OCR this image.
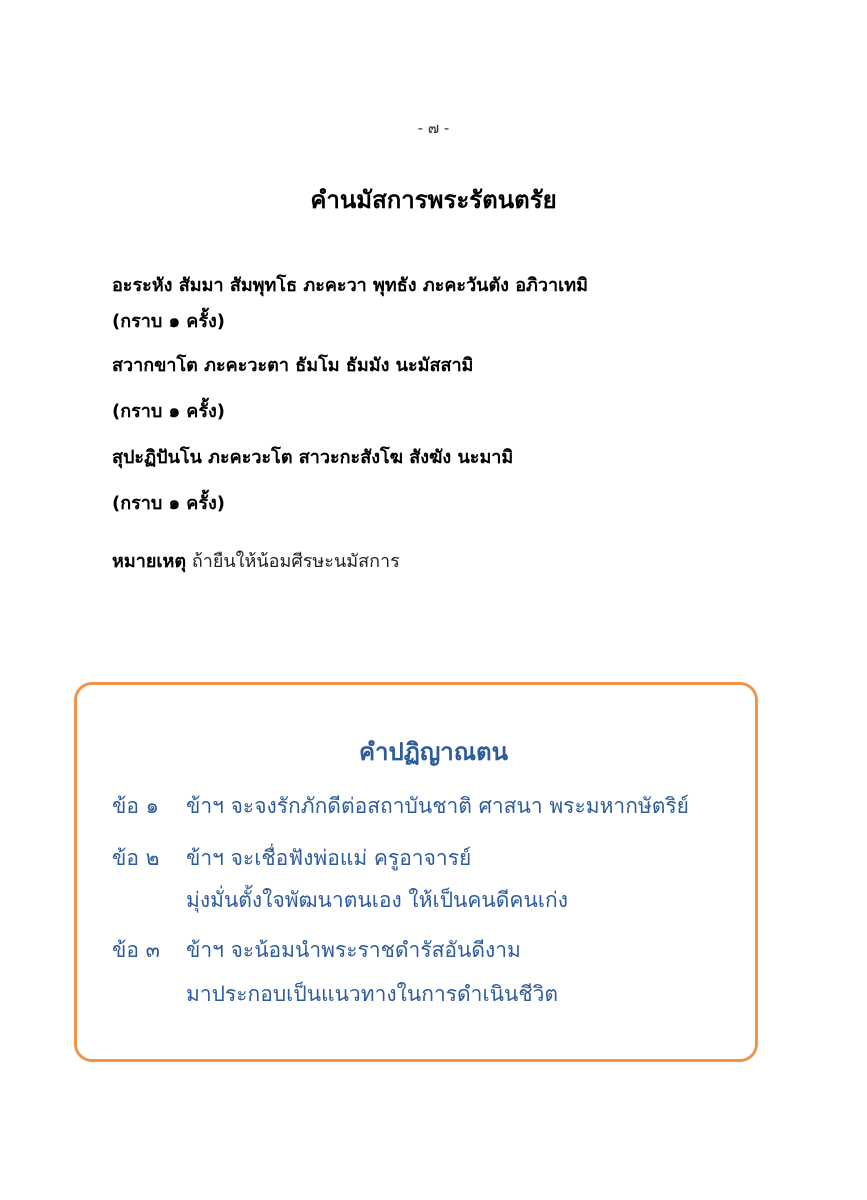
- ๗ -
คำนมัสการพระรัตนตรัย
อะระหัง สัมมา สัมพุทโธ ภะคะวา พุทธัง ภะคะวันตัง อภิวาเทมิ
(กราบ ๑ ครั้ง)
สวากขาโต ภะคะวะตา ธัมโม ธัมมัง นะมัสสามิ
(กราบ ๑ ครั้ง)
สุปะฏิปันโน ภะคะวะโต สาวะกะสังโฆ สังฆัง นะมามิ
(กราบ ๑ ครั้ง)
หมายเหตุ ถ้ายืนให้น้อมศีรษะนมัสการ
คำปฏิญาณตน
ข้อ ๑ ข้าฯ จะจงรักภักดีต่อสถาบันชาติ ศาสนา พระมหากษัตริย์
ข้อ ๒ ข้าฯ จะเชื่อฟังพ่อแม่ ครูอาจารย์
มุ่งมั่นตั้งใจพัฒนาตนเอง ให้เป็นคนดีคนเก่ง
ข้อ ๓ ข้าฯ จะน้อมนำพระราชดำรัสอันดีงาม
มาประกอบเป็นแนวทางในการดำเนินชีวิต
